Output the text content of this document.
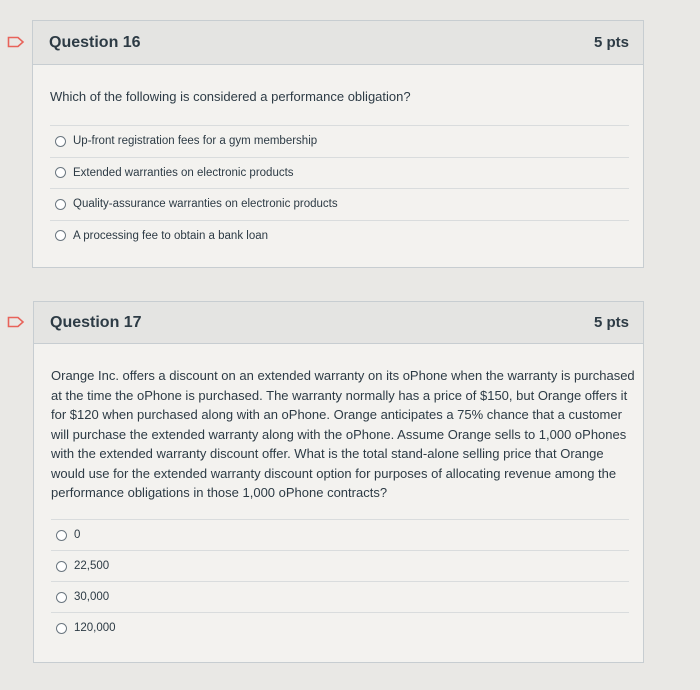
Question 16	5 pts
Which of the following is considered a performance obligation?
Up-front registration fees for a gym membership
Extended warranties on electronic products
Quality-assurance warranties on electronic products
A processing fee to obtain a bank loan
Question 17	5 pts
Orange Inc. offers a discount on an extended warranty on its oPhone when the warranty is purchased at the time the oPhone is purchased. The warranty normally has a price of $150, but Orange offers it for $120 when purchased along with an oPhone. Orange anticipates a 75% chance that a customer will purchase the extended warranty along with the oPhone. Assume Orange sells to 1,000 oPhones with the extended warranty discount offer. What is the total stand-alone selling price that Orange would use for the extended warranty discount option for purposes of allocating revenue among the performance obligations in those 1,000 oPhone contracts?
0
22,500
30,000
120,000
